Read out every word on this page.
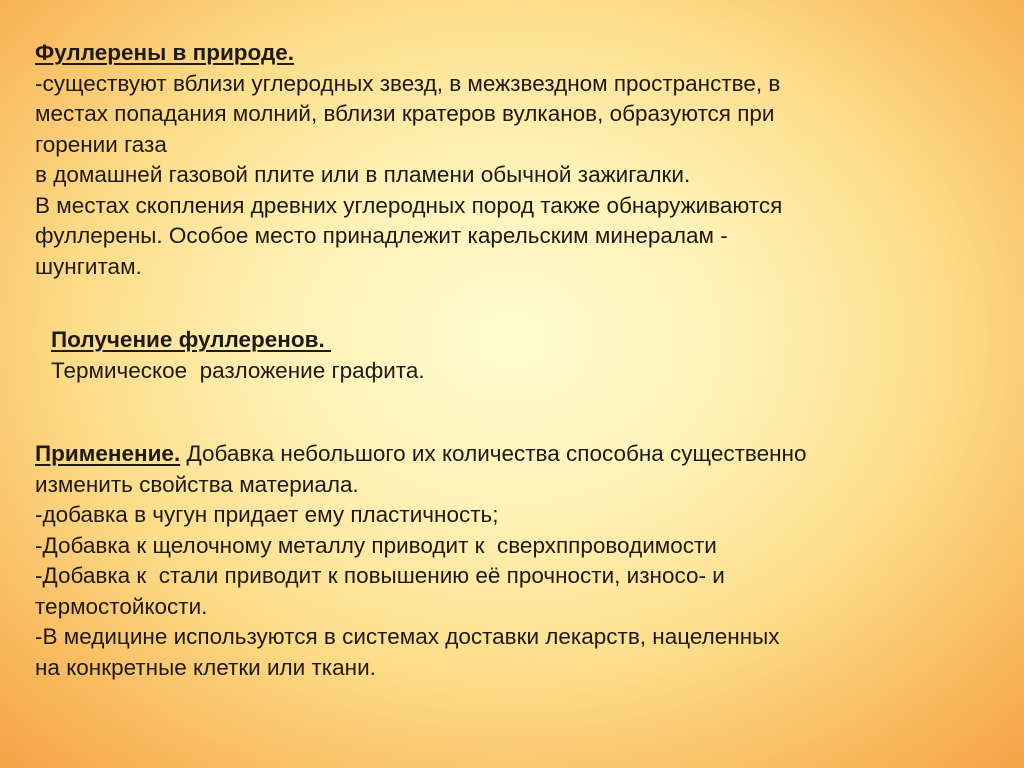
Фуллерены в природе.
-существуют вблизи углеродных звезд, в межзвездном пространстве, в
местах попадания молний, вблизи кратеров вулканов, образуются при
горении газа
в домашней газовой плите или в пламени обычной зажигалки.
В местах скопления древних углеродных пород также обнаруживаются
фуллерены. Особое место принадлежит карельским минералам -
шунгитам.
Получение фуллеренов.
Термическое  разложение графита.
Применение. Добавка небольшого их количества способна существенно
изменить свойства материала.
-добавка в чугун придает ему пластичность;
-Добавка к щелочному металлу приводит к  сверхппроводимости
-Добавка к  стали приводит к повышению её прочности, износо- и
термостойкости.
-В медицине используются в системах доставки лекарств, нацеленных
на конкретные клетки или ткани.
